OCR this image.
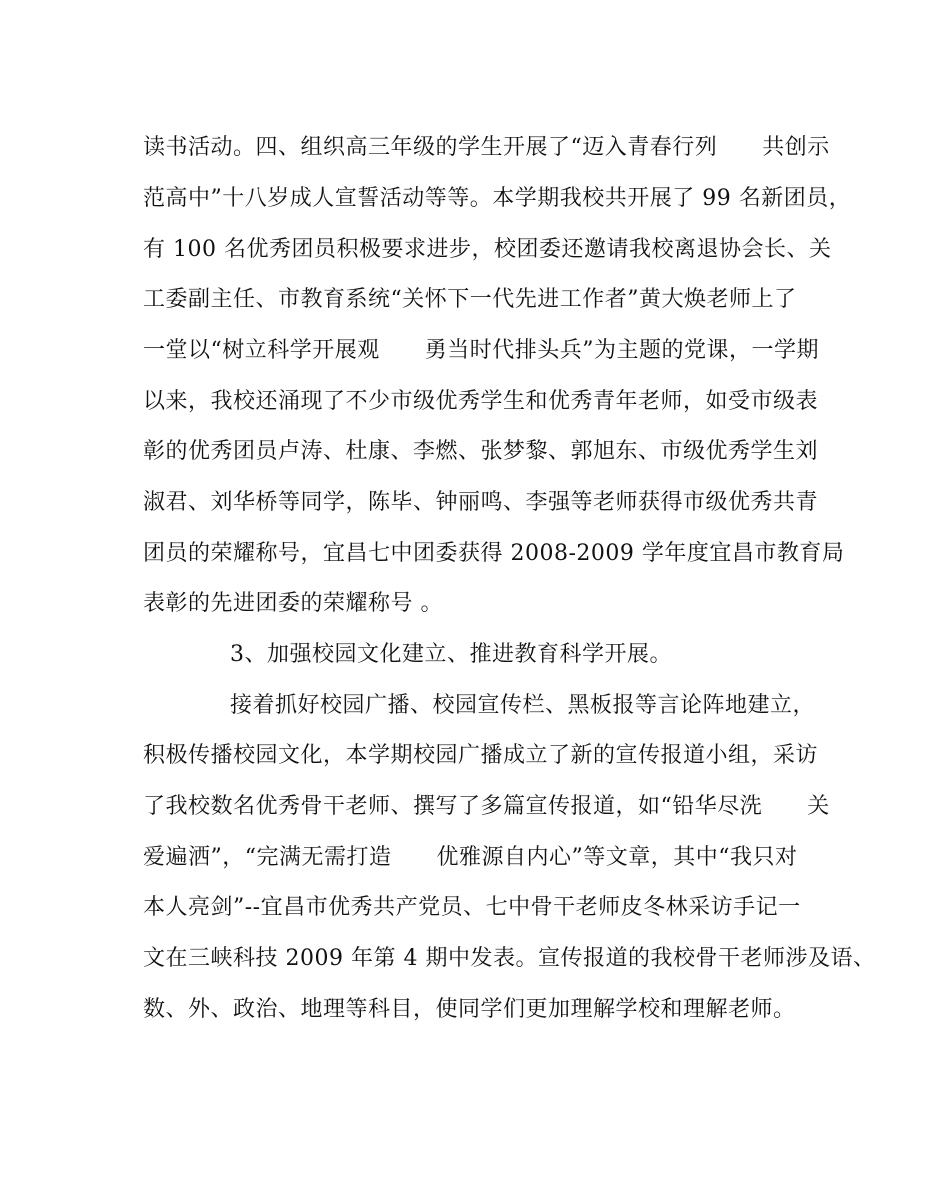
读书活动。四、组织高三年级的学生开展了“迈入青春行列　　共创示
范高中”十八岁成人宣誓活动等等。本学期我校共开展了 99 名新团员，
有 100 名优秀团员积极要求进步，校团委还邀请我校离退协会长、关
工委副主任、市教育系统“关怀下一代先进工作者”黄大焕老师上了
一堂以“树立科学开展观　　勇当时代排头兵”为主题的党课，一学期
以来，我校还涌现了不少市级优秀学生和优秀青年老师，如受市级表
彰的优秀团员卢涛、杜康、李燃、张梦黎、郭旭东、市级优秀学生刘
淑君、刘华桥等同学，陈毕、钟丽鸣、李强等老师获得市级优秀共青
团员的荣耀称号，宜昌七中团委获得 2008-2009 学年度宜昌市教育局
表彰的先进团委的荣耀称号 。
3、加强校园文化建立、推进教育科学开展。
接着抓好校园广播、校园宣传栏、黑板报等言论阵地建立，
积极传播校园文化，本学期校园广播成立了新的宣传报道小组，采访
了我校数名优秀骨干老师、撰写了多篇宣传报道，如“铅华尽洗　　关
爱遍洒”，“完满无需打造　　优雅源自内心”等文章，其中“我只对
本人亮剑”--宜昌市优秀共产党员、七中骨干老师皮冬林采访手记一
文在三峡科技 2009 年第 4 期中发表。宣传报道的我校骨干老师涉及语、
数、外、政治、地理等科目，使同学们更加理解学校和理解老师。
